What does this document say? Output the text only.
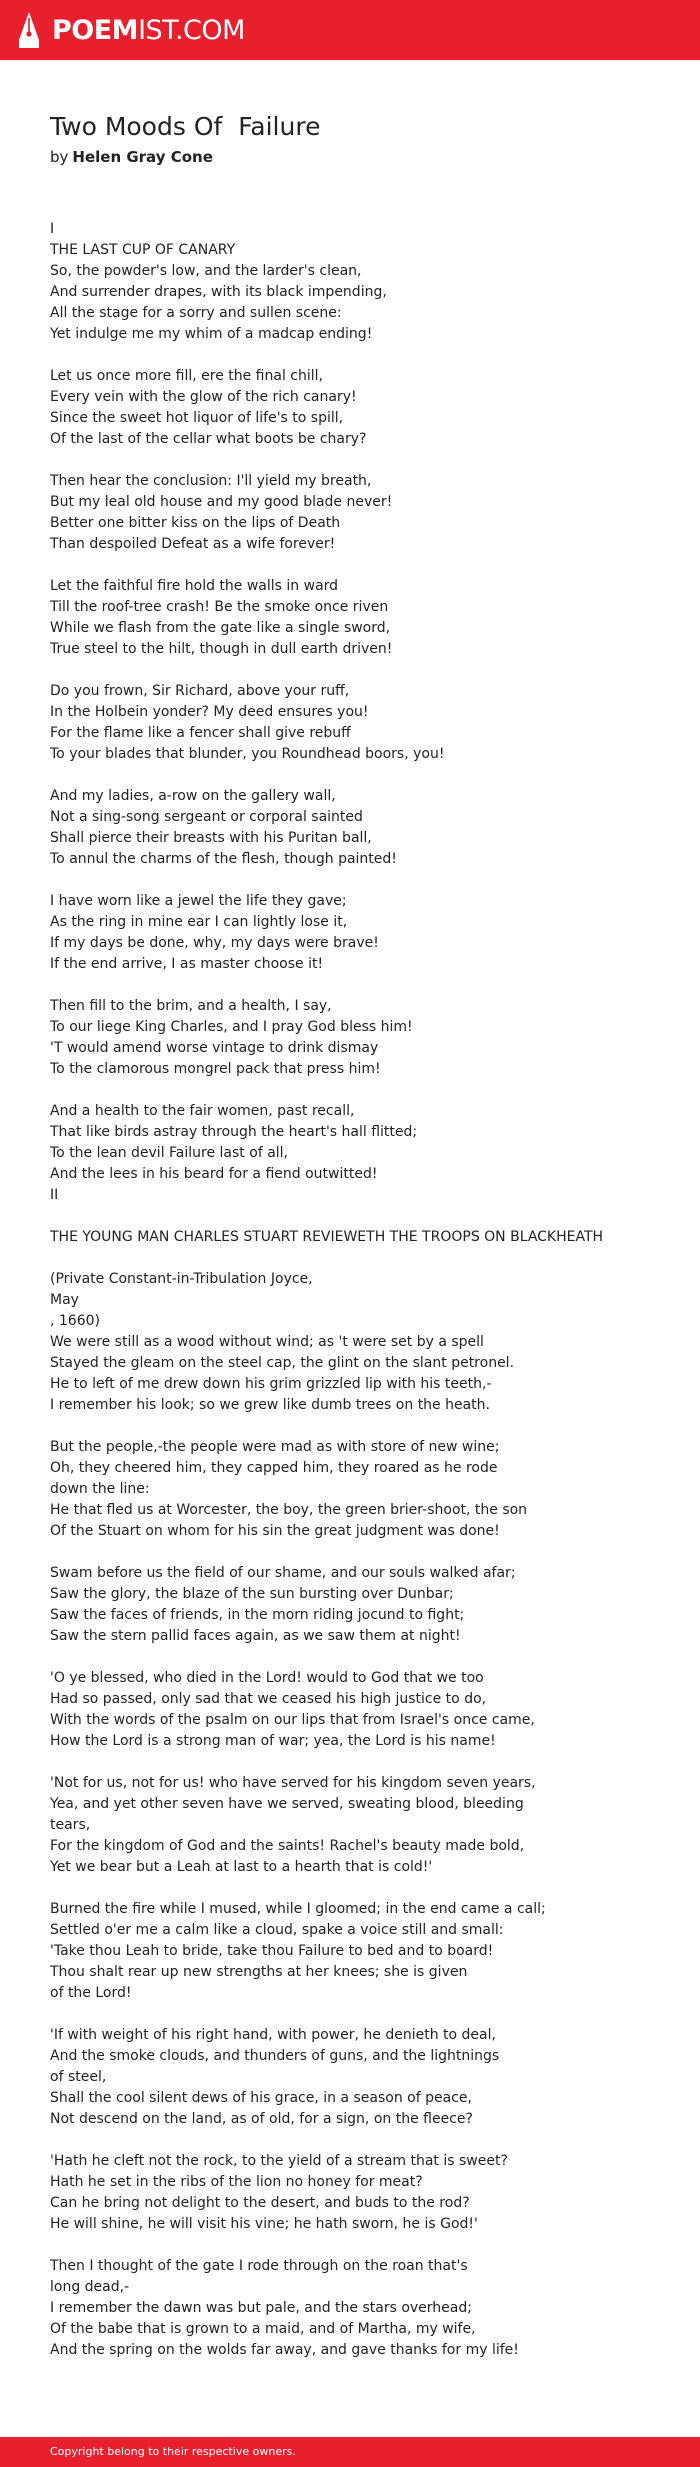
POEMIST.COM
Two Moods Of  Failure
by Helen Gray Cone
I
THE LAST CUP OF CANARY
So, the powder's low, and the larder's clean,
And surrender drapes, with its black impending,
All the stage for a sorry and sullen scene:
Yet indulge me my whim of a madcap ending!

Let us once more fill, ere the final chill,
Every vein with the glow of the rich canary!
Since the sweet hot liquor of life's to spill,
Of the last of the cellar what boots be chary?

Then hear the conclusion: I'll yield my breath,
But my leal old house and my good blade never!
Better one bitter kiss on the lips of Death
Than despoiled Defeat as a wife forever!

Let the faithful fire hold the walls in ward
Till the roof-tree crash! Be the smoke once riven
While we flash from the gate like a single sword,
True steel to the hilt, though in dull earth driven!

Do you frown, Sir Richard, above your ruff,
In the Holbein yonder? My deed ensures you!
For the flame like a fencer shall give rebuff
To your blades that blunder, you Roundhead boors, you!

And my ladies, a-row on the gallery wall,
Not a sing-song sergeant or corporal sainted
Shall pierce their breasts with his Puritan ball,
To annul the charms of the flesh, though painted!

I have worn like a jewel the life they gave;
As the ring in mine ear I can lightly lose it,
If my days be done, why, my days were brave!
If the end arrive, I as master choose it!

Then fill to the brim, and a health, I say,
To our liege King Charles, and I pray God bless him!
'T would amend worse vintage to drink dismay
To the clamorous mongrel pack that press him!

And a health to the fair women, past recall,
That like birds astray through the heart's hall flitted;
To the lean devil Failure last of all,
And the lees in his beard for a fiend outwitted!
II

THE YOUNG MAN CHARLES STUART REVIEWETH THE TROOPS ON BLACKHEATH

(Private Constant-in-Tribulation Joyce,
May
, 1660)
We were still as a wood without wind; as 't were set by a spell
Stayed the gleam on the steel cap, the glint on the slant petronel.
He to left of me drew down his grim grizzled lip with his teeth,-
I remember his look; so we grew like dumb trees on the heath.

But the people,-the people were mad as with store of new wine;
Oh, they cheered him, they capped him, they roared as he rode
down the line:
He that fled us at Worcester, the boy, the green brier-shoot, the son
Of the Stuart on whom for his sin the great judgment was done!

Swam before us the field of our shame, and our souls walked afar;
Saw the glory, the blaze of the sun bursting over Dunbar;
Saw the faces of friends, in the morn riding jocund to fight;
Saw the stern pallid faces again, as we saw them at night!

'O ye blessed, who died in the Lord! would to God that we too
Had so passed, only sad that we ceased his high justice to do,
With the words of the psalm on our lips that from Israel's once came,
How the Lord is a strong man of war; yea, the Lord is his name!

'Not for us, not for us! who have served for his kingdom seven years,
Yea, and yet other seven have we served, sweating blood, bleeding
tears,
For the kingdom of God and the saints! Rachel's beauty made bold,
Yet we bear but a Leah at last to a hearth that is cold!'

Burned the fire while I mused, while I gloomed; in the end came a call;
Settled o'er me a calm like a cloud, spake a voice still and small:
'Take thou Leah to bride, take thou Failure to bed and to board!
Thou shalt rear up new strengths at her knees; she is given
of the Lord!

'If with weight of his right hand, with power, he denieth to deal,
And the smoke clouds, and thunders of guns, and the lightnings
of steel,
Shall the cool silent dews of his grace, in a season of peace,
Not descend on the land, as of old, for a sign, on the fleece?

'Hath he cleft not the rock, to the yield of a stream that is sweet?
Hath he set in the ribs of the lion no honey for meat?
Can he bring not delight to the desert, and buds to the rod?
He will shine, he will visit his vine; he hath sworn, he is God!'

Then I thought of the gate I rode through on the roan that's
long dead,-
I remember the dawn was but pale, and the stars overhead;
Of the babe that is grown to a maid, and of Martha, my wife,
And the spring on the wolds far away, and gave thanks for my life!
Copyright belong to their respective owners.
